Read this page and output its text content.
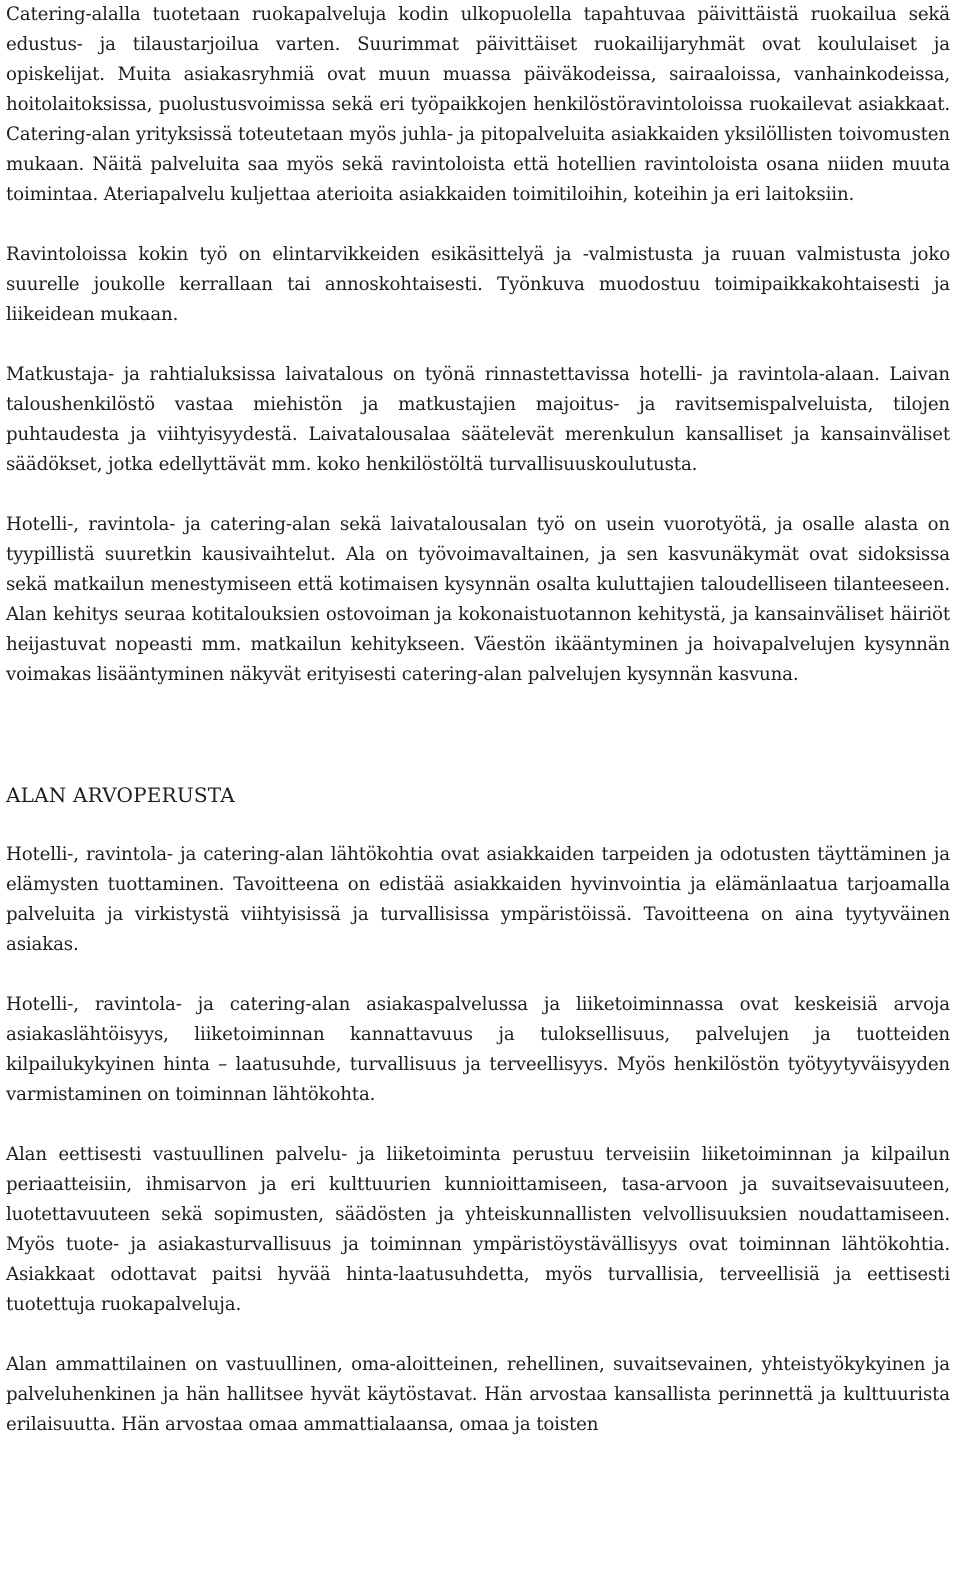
Catering-alalla tuotetaan ruokapalveluja kodin ulkopuolella tapahtuvaa päivittäistä ruokailua sekä edustus- ja tilaustarjoilua varten. Suurimmat päivittäiset ruokailijaryhmät ovat koululaiset ja opiskelijat. Muita asiakasryhmiä ovat muun muassa päiväkodeissa, sairaaloissa, vanhainkodeissa, hoitolaitoksissa, puolustusvoimissa sekä eri työpaikkojen henkilöstöravintoloissa ruokailevat asiakkaat. Catering-alan yrityksissä toteutetaan myös juhla- ja pitopalveluita asiakkaiden yksilöllisten toivomusten mukaan. Näitä palveluita saa myös sekä ravintoloista että hotellien ravintoloista osana niiden muuta toimintaa. Ateriapalvelu kuljettaa aterioita asiakkaiden toimitiloihin, koteihin ja eri laitoksiin.

Ravintoloissa kokin työ on elintarvikkeiden esikäsittelyä ja -valmistusta ja ruuan valmistusta joko suurelle joukolle kerrallaan tai annoskohtaisesti. Työnkuva muodostuu toimipaikkakohtaisesti ja liikeidean mukaan.

Matkustaja- ja rahtialuksissa laivatalous on työnä rinnastettavissa hotelli- ja ravintola-alaan. Laivan taloushenkilöstö vastaa miehistön ja matkustajien majoitus- ja ravitsemispalveluista, tilojen puhtaudesta ja viihtyisyydestä. Laivatalousalaa säätelevät merenkulun kansalliset ja kansainväliset säädökset, jotka edellyttävät mm. koko henkilöstöltä turvallisuuskoulutusta.

Hotelli-, ravintola- ja catering-alan sekä laivatalousalan työ on usein vuorotyötä, ja osalle alasta on tyypillistä suuretkin kausivaihtelut. Ala on työvoimavaltainen, ja sen kasvunäkymät ovat sidoksissa sekä matkailun menestymiseen että kotimaisen kysynnän osalta kuluttajien taloudelliseen tilanteeseen. Alan kehitys seuraa kotitalouksien ostovoiman ja kokonaistuotannon kehitystä, ja kansainväliset häiriöt heijastuvat nopeasti mm. matkailun kehitykseen. Väestön ikääntyminen ja hoivapalvelujen kysynnän voimakas lisääntyminen näkyvät erityisesti catering-alan palvelujen kysynnän kasvuna.

ALAN ARVOPERUSTA

Hotelli-, ravintola- ja catering-alan lähtökohtia ovat asiakkaiden tarpeiden ja odotusten täyttäminen ja elämysten tuottaminen. Tavoitteena on edistää asiakkaiden hyvinvointia ja elämänlaatua tarjoamalla palveluita ja virkistystä viihtyisissä ja turvallisissa ympäristöissä. Tavoitteena on aina tyytyväinen asiakas.

Hotelli-, ravintola- ja catering-alan asiakaspalvelussa ja liiketoiminnassa ovat keskeisiä arvoja asiakaslähtöisyys, liiketoiminnan kannattavuus ja tuloksellisuus, palvelujen ja tuotteiden kilpailukykyinen hinta – laatusuhde, turvallisuus ja terveellisyys. Myös henkilöstön työtyytyväisyyden varmistaminen on toiminnan lähtökohta.

Alan eettisesti vastuullinen palvelu- ja liiketoiminta perustuu terveisiin liiketoiminnan ja kilpailun periaatteisiin, ihmisarvon ja eri kulttuurien kunnioittamiseen, tasa-arvoon ja suvaitsevaisuuteen, luotettavuuteen sekä sopimusten, säädösten ja yhteiskunnallisten velvollisuuksien noudattamiseen. Myös tuote- ja asiakasturvallisuus ja toiminnan ympäristöystävällisyys ovat toiminnan lähtökohtia. Asiakkaat odottavat paitsi hyvää hinta-laatusuhdetta, myös turvallisia, terveellisiä ja eettisesti tuotettuja ruokapalveluja.

Alan ammattilainen on vastuullinen, oma-aloitteinen, rehellinen, suvaitsevainen, yhteistyökykyinen ja palveluhenkinen ja hän hallitsee hyvät käytöstavat. Hän arvostaa kansallista perinnettä ja kulttuurista erilaisuutta. Hän arvostaa omaa ammattialaansa, omaa ja toisten
